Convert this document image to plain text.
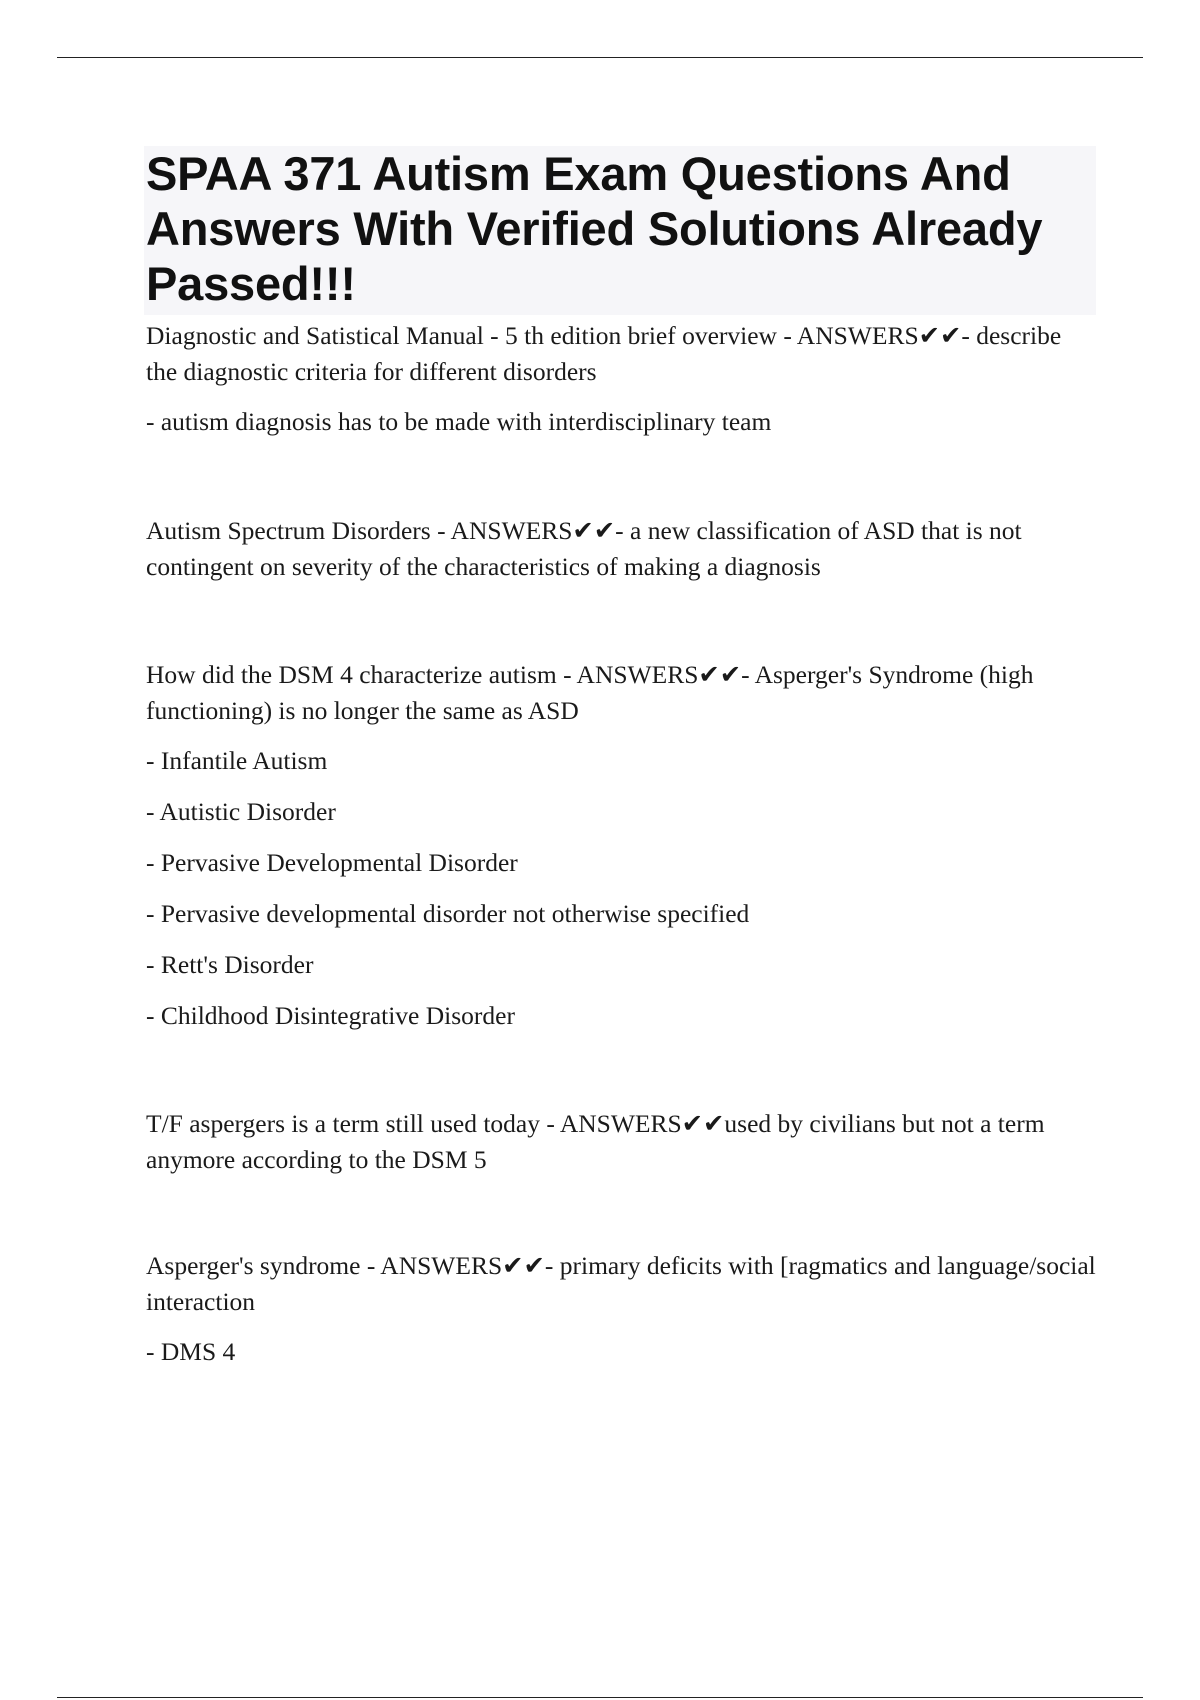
SPAA 371 Autism Exam Questions And Answers With Verified Solutions Already Passed!!!

Diagnostic and Satistical Manual - 5 th edition brief overview - ANSWERS✔✔- describe the diagnostic criteria for different disorders

- autism diagnosis has to be made with interdisciplinary team

Autism Spectrum Disorders - ANSWERS✔✔- a new classification of ASD that is not contingent on severity of the characteristics of making a diagnosis

How did the DSM 4 characterize autism - ANSWERS✔✔- Asperger's Syndrome (high functioning) is no longer the same as ASD

- Infantile Autism

- Autistic Disorder

- Pervasive Developmental Disorder

- Pervasive developmental disorder not otherwise specified

- Rett's Disorder

- Childhood Disintegrative Disorder

T/F aspergers is a term still used today - ANSWERS✔✔used by civilians but not a term anymore according to the DSM 5

Asperger's syndrome - ANSWERS✔✔- primary deficits with [ragmatics and language/social interaction

- DMS 4
